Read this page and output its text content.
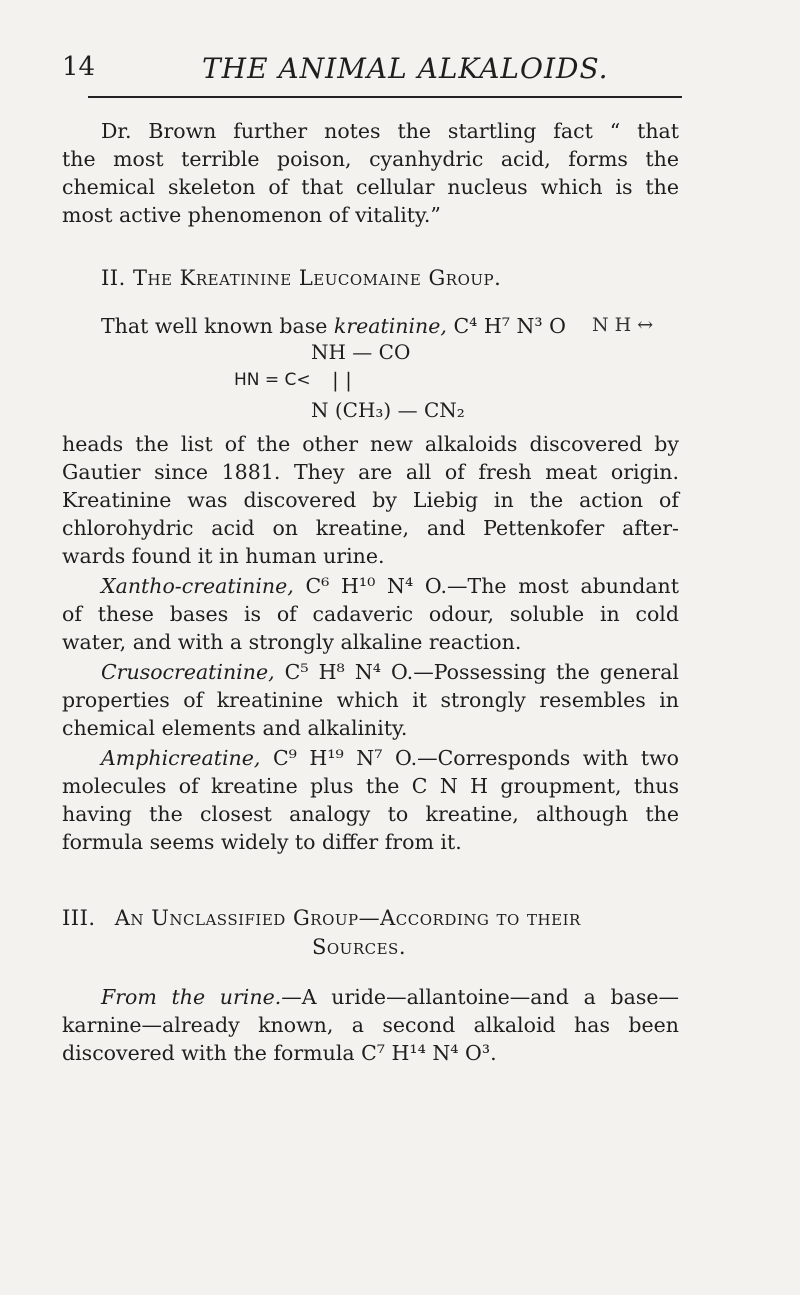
14	THE ANIMAL ALKALOIDS.
Dr. Brown further notes the startling fact “ that
the most terrible poison, cyanhydric acid, forms the
chemical skeleton of that cellular nucleus which is the
most active phenomenon of vitality.”
II. The Kreatinine Leucomaine Group.
That well known base kreatinine, C⁴ H⁷ N³ O N H ↔
NH — CO
HN = C< | |
N (CH₃) — CN₂
heads the list of the other new alkaloids discovered by
Gautier since 1881. They are all of fresh meat origin.
Kreatinine was discovered by Liebig in the action of
chlorohydric acid on kreatine, and Pettenkofer after-
wards found it in human urine.
Xantho-creatinine, C⁶ H¹⁰ N⁴ O.—The most abundant
of these bases is of cadaveric odour, soluble in cold
water, and with a strongly alkaline reaction.
Crusocreatinine, C⁵ H⁸ N⁴ O.—Possessing the general
properties of kreatinine which it strongly resembles in
chemical elements and alkalinity.
Amphicreatine, C⁹ H¹⁹ N⁷ O.—Corresponds with two
molecules of kreatine plus the C N H groupment, thus
having the closest analogy to kreatine, although the
formula seems widely to differ from it.
III. An Unclassified Group—According to their
Sources.
From the urine.—A uride—allantoine—and a base—
karnine—already known, a second alkaloid has been
discovered with the formula C⁷ H¹⁴ N⁴ O³.
